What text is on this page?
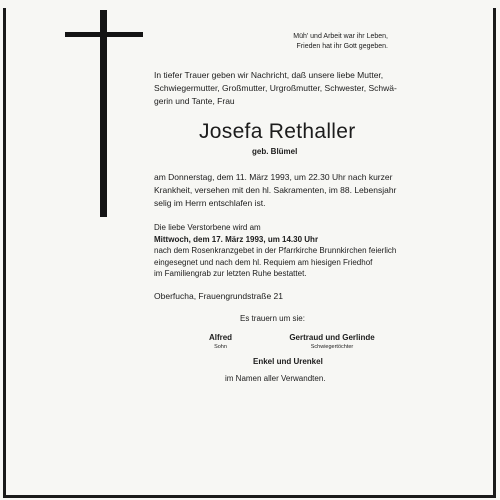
Müh' und Arbeit war ihr Leben,
Frieden hat ihr Gott gegeben.
In tiefer Trauer geben wir Nachricht, daß unsere liebe Mutter,
Schwiegermutter, Großmutter, Urgroßmutter, Schwester, Schwä-
gerin und Tante, Frau
Josefa Rethaller
geb. Blümel
am Donnerstag, dem 11. März 1993, um 22.30 Uhr nach kurzer
Krankheit, versehen mit den hl. Sakramenten, im 88. Lebensjahr
selig im Herrn entschlafen ist.
Die liebe Verstorbene wird am
Mittwoch, dem 17. März 1993, um 14.30 Uhr
nach dem Rosenkranzgebet in der Pfarrkirche Brunnkirchen feierlich
eingesegnet und nach dem hl. Requiem am hiesigen Friedhof
im Familiengrab zur letzten Ruhe bestattet.
Oberfucha, Frauengrundstraße 21
Es trauern um sie:
Alfred
Sohn
Gertraud und Gerlinde
Schwiegertöchter
Enkel und Urenkel
im Namen aller Verwandten.
